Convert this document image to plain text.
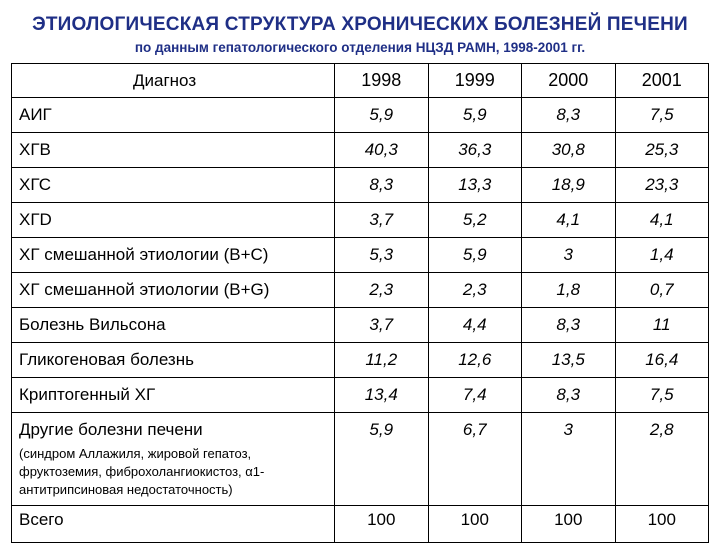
ЭТИОЛОГИЧЕСКАЯ СТРУКТУРА ХРОНИЧЕСКИХ БОЛЕЗНЕЙ ПЕЧЕНИ
по данным гепатологического отделения НЦЗД РАМН, 1998-2001 гг.
Диагноз	1998	1999	2000	2001
АИГ	5,9	5,9	8,3	7,5
ХГВ	40,3	36,3	30,8	25,3
ХГС	8,3	13,3	18,9	23,3
ХГD	3,7	5,2	4,1	4,1
ХГ смешанной этиологии (В+С)	5,3	5,9	3	1,4
ХГ смешанной этиологии (В+G)	2,3	2,3	1,8	0,7
Болезнь Вильсона	3,7	4,4	8,3	11
Гликогеновая болезнь	11,2	12,6	13,5	16,4
Криптогенный ХГ	13,4	7,4	8,3	7,5
Другие болезни печени
(синдром Аллажиля, жировой гепатоз, фруктоземия, фиброхолангиокистоз, α1-антитрипсиновая недостаточность)	5,9	6,7	3	2,8
Всего	100	100	100	100
